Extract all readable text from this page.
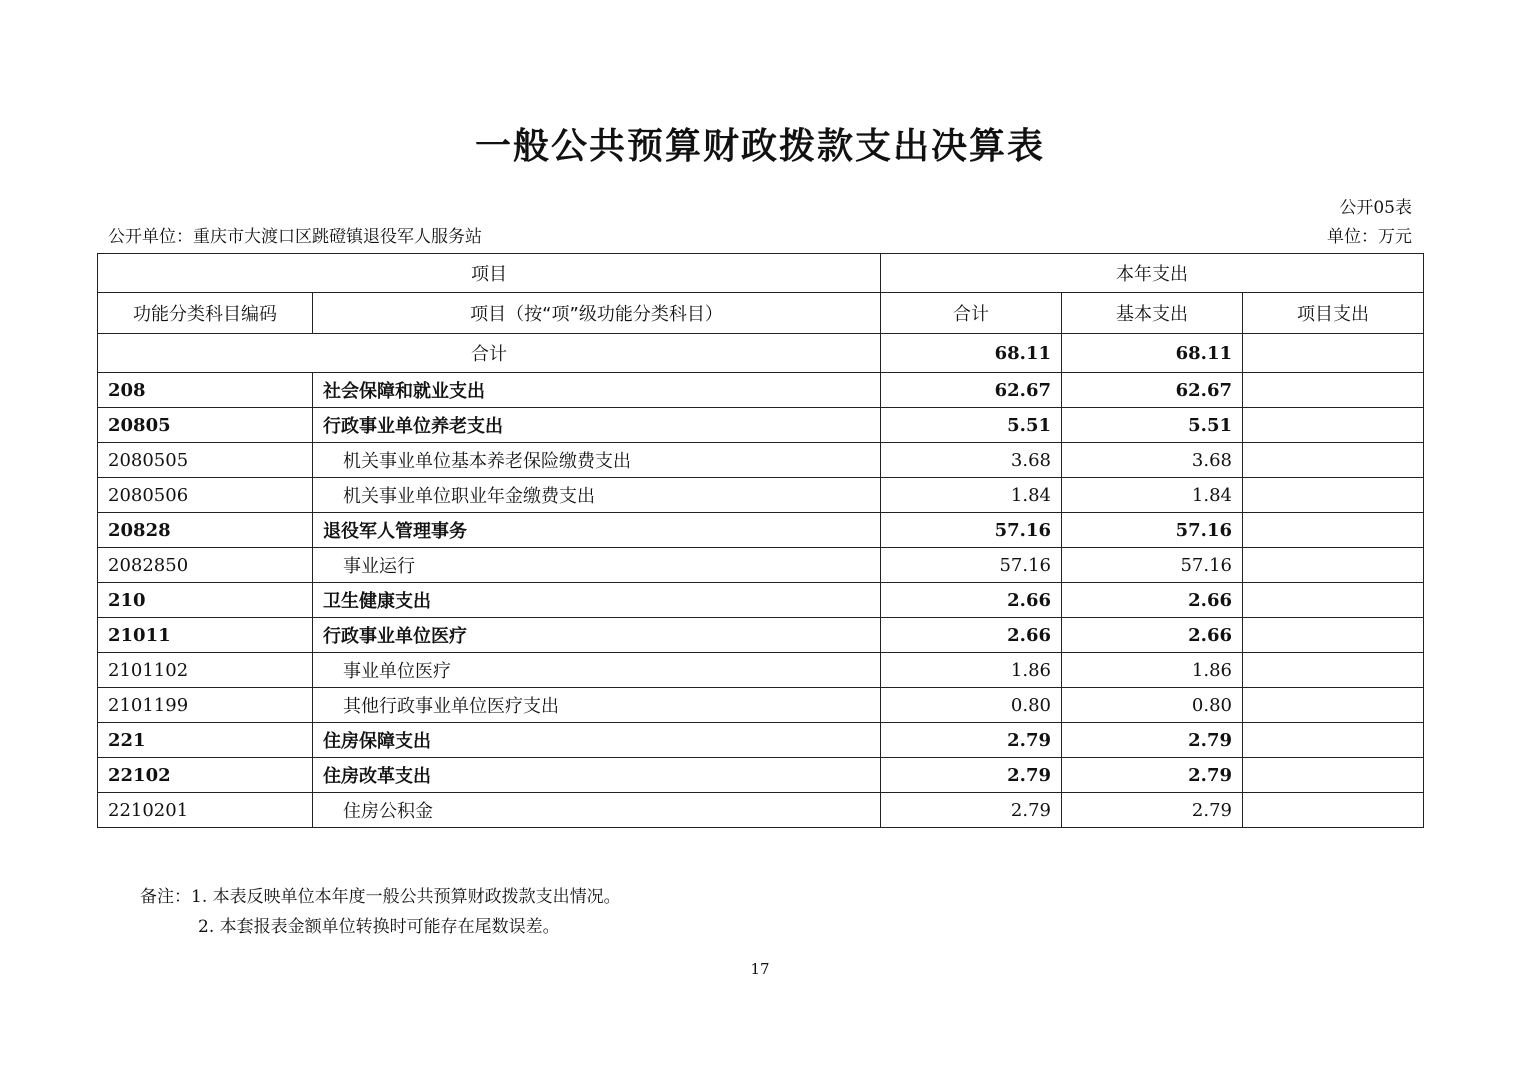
一般公共预算财政拨款支出决算表
公开05表
公开单位：重庆市大渡口区跳磴镇退役军人服务站	单位：万元
项目		本年支出		
功能分类科目编码	项目（按“项”级功能分类科目）	合计	基本支出	项目支出
合计		68.11	68.11	
208	社会保障和就业支出	62.67	62.67	
20805	行政事业单位养老支出	5.51	5.51	
2080505	机关事业单位基本养老保险缴费支出	3.68	3.68	
2080506	机关事业单位职业年金缴费支出	1.84	1.84	
20828	退役军人管理事务	57.16	57.16	
2082850	事业运行	57.16	57.16	
210	卫生健康支出	2.66	2.66	
21011	行政事业单位医疗	2.66	2.66	
2101102	事业单位医疗	1.86	1.86	
2101199	其他行政事业单位医疗支出	0.80	0.80	
221	住房保障支出	2.79	2.79	
22102	住房改革支出	2.79	2.79	
2210201	住房公积金	2.79	2.79	
备注：1. 本表反映单位本年度一般公共预算财政拨款支出情况。
2. 本套报表金额单位转换时可能存在尾数误差。
17
